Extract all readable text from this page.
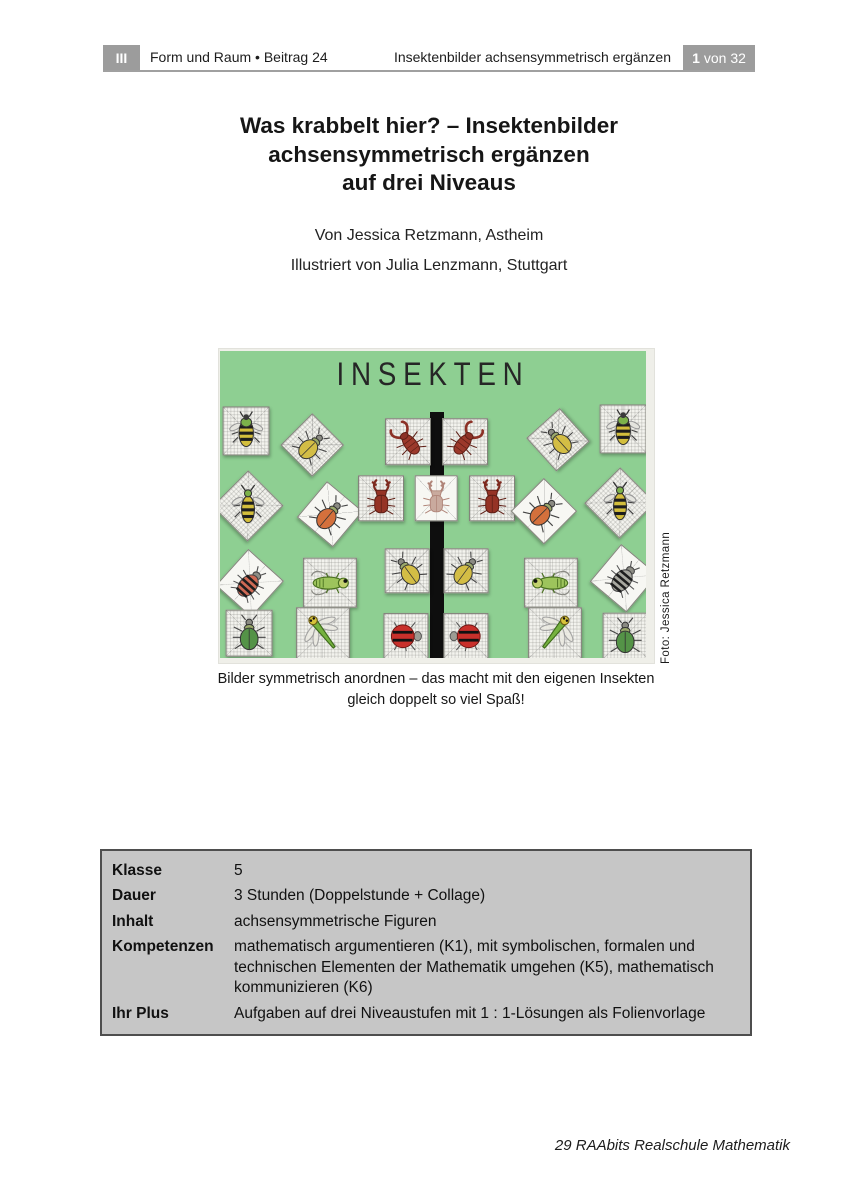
III Form und Raum • Beitrag 24	Insektenbilder achsensymmetrisch ergänzen 1 von 32
Was krabbelt hier? – Insektenbilder
achsensymmetrisch ergänzen
auf drei Niveaus
Von Jessica Retzmann, Astheim
Illustriert von Julia Lenzmann, Stuttgart
INSEKTEN
Foto: Jessica Retzmann
Bilder symmetrisch anordnen – das macht mit den eigenen Insekten
gleich doppelt so viel Spaß!
Klasse	5
Dauer	3 Stunden (Doppelstunde + Collage)
Inhalt	achsensymmetrische Figuren
Kompetenzen	mathematisch argumentieren (K1), mit symbolischen, formalen und technischen Elementen der Mathematik umgehen (K5), mathematisch kommunizieren (K6)
Ihr Plus	Aufgaben auf drei Niveaustufen mit 1 : 1-Lösungen als Folienvorlage
29 RAAbits Realschule Mathematik
